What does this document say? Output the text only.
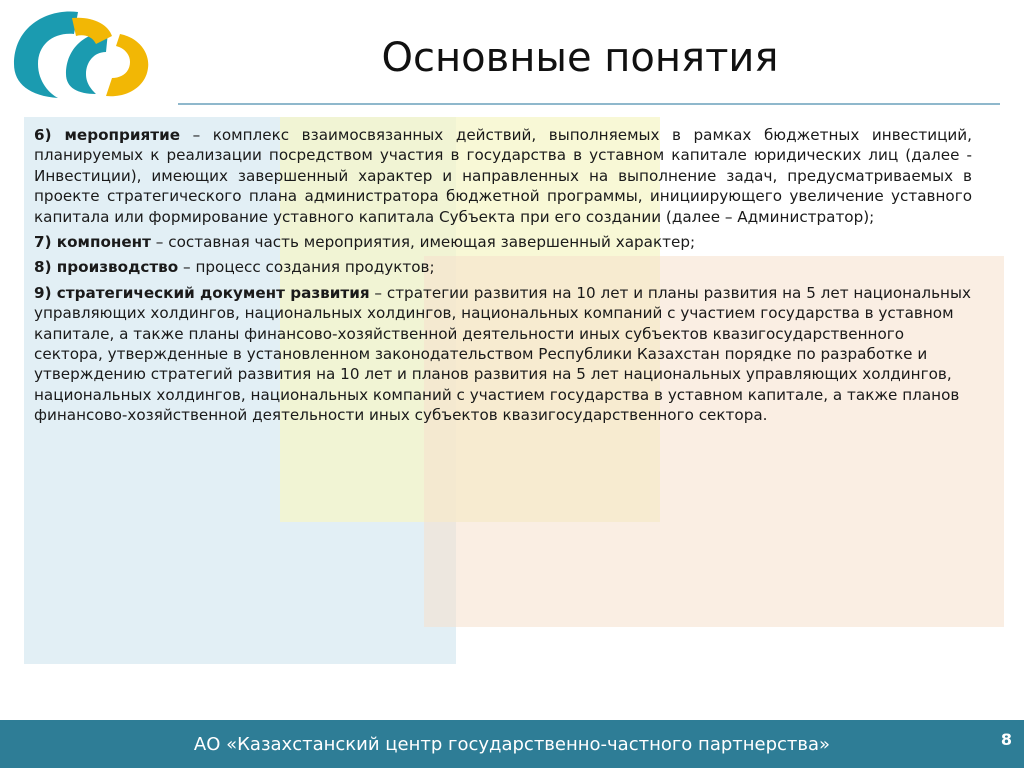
Основные понятия

6) мероприятие – комплекс взаимосвязанных действий, выполняемых в рамках бюджетных инвестиций, планируемых к реализации посредством участия в государства в уставном капитале юридических лиц (далее - Инвестиции), имеющих завершенный характер и направленных на выполнение задач, предусматриваемых в проекте стратегического плана администратора бюджетной программы, инициирующего увеличение уставного капитала или формирование уставного капитала Субъекта при его создании (далее – Администратор);

7) компонент – составная часть мероприятия, имеющая завершенный характер;

8) производство – процесс создания продуктов;

9) стратегический документ развития – стратегии развития на 10 лет и планы развития на 5 лет национальных управляющих холдингов, национальных холдингов, национальных компаний с участием государства в уставном капитале, а также планы финансово-хозяйственной деятельности иных субъектов квазигосударственного сектора, утвержденные в установленном законодательством Республики Казахстан порядке по разработке и утверждению стратегий развития на 10 лет и планов развития на 5 лет национальных управляющих холдингов, национальных холдингов, национальных компаний с участием государства в уставном капитале, а также планов финансово-хозяйственной деятельности иных субъектов квазигосударственного сектора.

АО «Казахстанский центр государственно-частного партнерства»	8
